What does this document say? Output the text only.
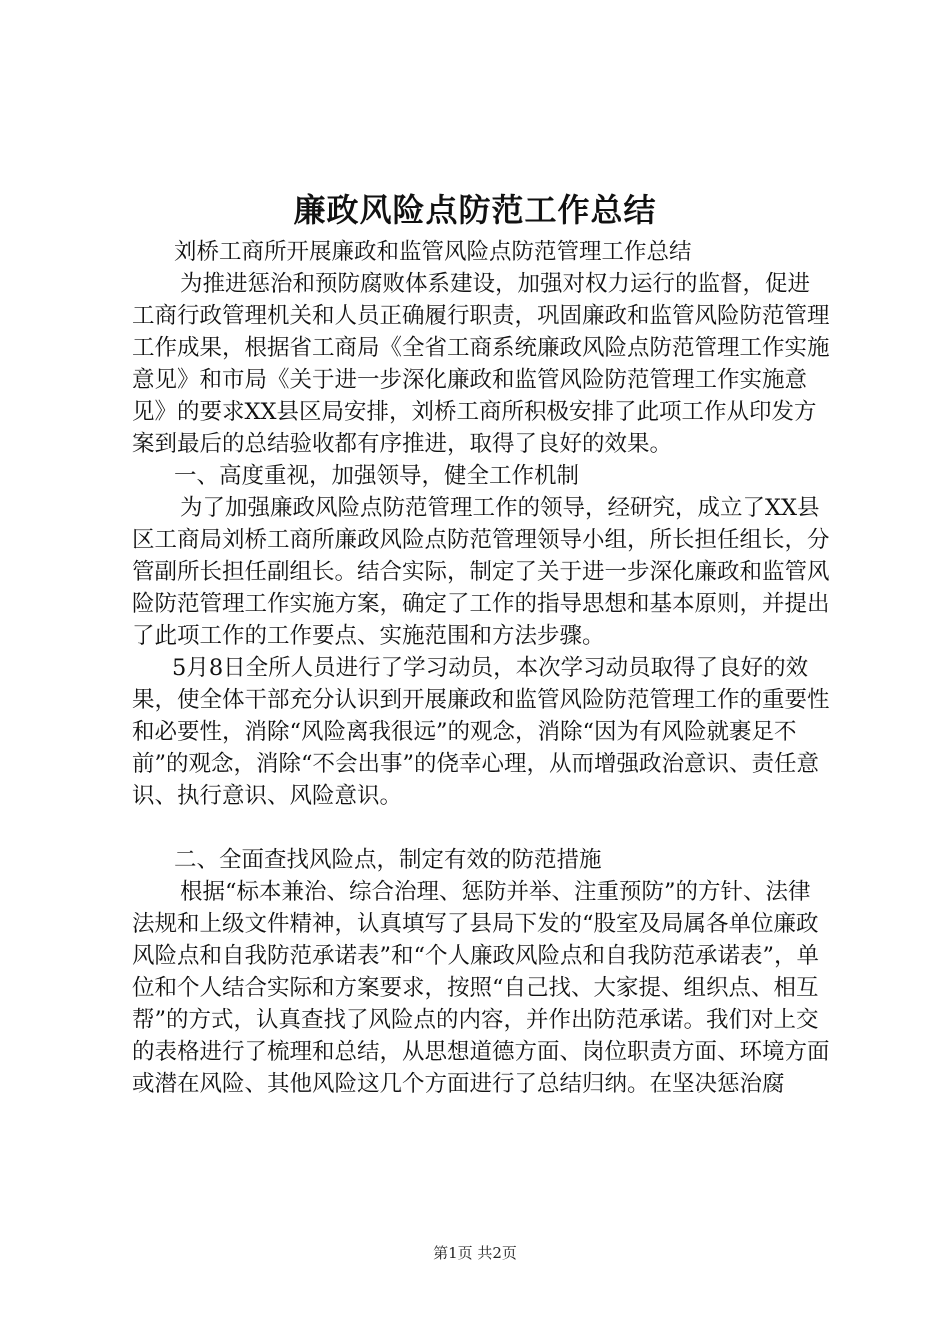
廉政风险点防范工作总结

刘桥工商所开展廉政和监管风险点防范管理工作总结

为推进惩治和预防腐败体系建设，加强对权力运行的监督，促进工商行政管理机关和人员正确履行职责，巩固廉政和监管风险防范管理工作成果，根据省工商局《全省工商系统廉政风险点防范管理工作实施意见》和市局《关于进一步深化廉政和监管风险防范管理工作实施意见》的要求XX县区局安排，刘桥工商所积极安排了此项工作从印发方案到最后的总结验收都有序推进，取得了良好的效果。

一、高度重视，加强领导，健全工作机制

为了加强廉政风险点防范管理工作的领导，经研究，成立了XX县区工商局刘桥工商所廉政风险点防范管理领导小组，所长担任组长，分管副所长担任副组长。结合实际，制定了关于进一步深化廉政和监管风险防范管理工作实施方案，确定了工作的指导思想和基本原则，并提出了此项工作的工作要点、实施范围和方法步骤。

5月8日全所人员进行了学习动员，本次学习动员取得了良好的效果，使全体干部充分认识到开展廉政和监管风险防范管理工作的重要性和必要性，消除“风险离我很远”的观念，消除“因为有风险就裹足不前”的观念，消除“不会出事”的侥幸心理，从而增强政治意识、责任意识、执行意识、风险意识。

二、全面查找风险点，制定有效的防范措施

根据“标本兼治、综合治理、惩防并举、注重预防”的方针、法律法规和上级文件精神，认真填写了县局下发的“股室及局属各单位廉政风险点和自我防范承诺表”和“个人廉政风险点和自我防范承诺表”，单位和个人结合实际和方案要求，按照“自己找、大家提、组织点、相互帮”的方式，认真查找了风险点的内容，并作出防范承诺。我们对上交的表格进行了梳理和总结，从思想道德方面、岗位职责方面、环境方面或潜在风险、其他风险这几个方面进行了总结归纳。在坚决惩治腐

第1页 共2页
